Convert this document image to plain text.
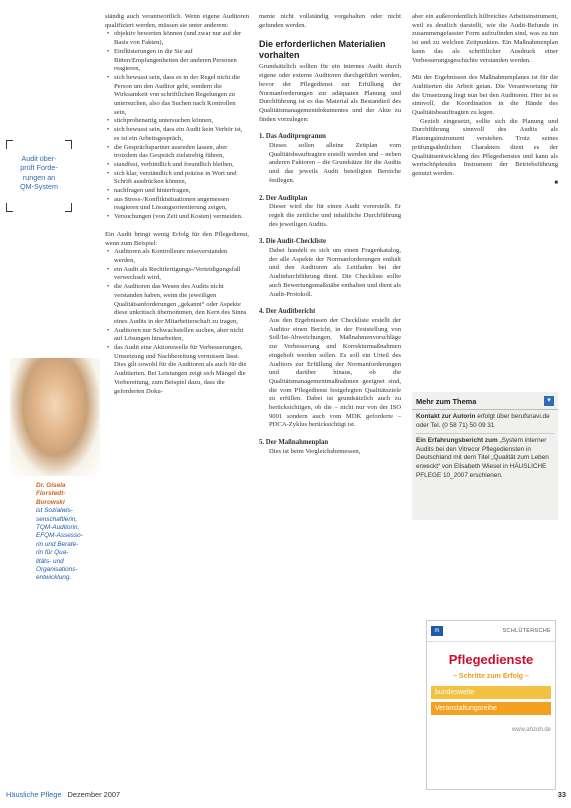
Audit über-
prüft Forde-
rungen an
QM-System
Dr. Gisela
Florstedt-
Borowski
ist Sozialwis-
senschaftlerin,
TQM-Auditorin,
EFQM-Assesso-
rin und Berate-
rin für Qua-
litäts- und
Organisations-
entwicklung.

ständig auch verantwortlich. Wenn eigene Auditoren qualifiziert werden, müssen sie unter anderem:

• objektiv bewerten können (und zwar nur auf der Basis von Fakten),
• Einflüsterungen in die Sie auf Bitten/Empfangenheiten der anderen Personen reagieren,
• sich bewusst sein, dass es in der Regel nicht die Person um den Auditor geht, sondern die Wirksamkeit von schriftlichen Regelungen zu untersuchen, also das Suchen nach Kontrollen sein,
• stichprobenartig untersuchen können,
• sich bewusst sein, dass ein Audit kein Verhör ist, es ist ein Arbeitsgespräch,
• die Gesprächspartner ausreden lassen, aber trotzdem das Gespräch zielstrebig führen,
• standfest, verbindlich und freundlich bleiben,
• sich klar, verständlich und präzise in Wort und Schrift ausdrücken können,
• nachfragen und hinterfragen,
• aus Stress-/Konfliktsituationen angemessen reagieren und Lösungsorientierung zeigen,
• Versuchungen (von Zeit und Kosten) vermeiden.

Ein Audit bringt wenig Erfolg für den Pflegedienst, wenn zum Beispiel:

• Auditoren als Kontrolleure missverstanden werden,
• ein Audit als Rechtfertigungs-/Verteidigungsfall verwechselt wird,
• die Auditoren das Wesen des Audits nicht verstanden haben, wenn die jeweiligen Qualitätsanforderungen „gekannt“ oder Aspekte diese unkritisch übernommen, den Kern des Sinns eines Audits in der Mitarbeiterschaft zu tragen,
• Auditoren nur Schwachstellen suchen, aber nicht auf Lösungen hinarbeiten,
• das Audit eine Aktionswelle für Verbesserungen, Umsetzung und Nachbereitung vermissen lässt. Dies gilt sowohl für die Auditoren als auch für die Auditierten. Bei Leistungen zeigt sich Mängel die Vorbereitung, zum Beispiel dazu, dass die geforderten Doku-

mente nicht vollständig vorgehalten oder nicht gefunden werden.

Die erforderlichen Materialien vorhalten

Grundsätzlich sollten für ein internes Audit durch eigene oder externe Auditoren durchgeführt werden, bevor der Pflegedienst zur Erfüllung der Normanforderungen zur adäquaten Planung und Durchführung ist es das Material als Bestandteil des Qualitätsmanagementdokumentes und der Akte zu finden vorzulegen:

1. Das Auditprogramm

Dieses sollen alleine Zeitplan vom Qualitätsbeauftragten erstellt werden und – neben anderen Faktoren – die Grundsätze für die Audits und das jeweils Audit beteiligten Bereiche festlegen.

2. Der Auditplan

Dieser wird die für einen Audit vorerstellt. Er regelt die zeitliche und inhaltliche Durchführung des jeweiligen Audits.

3. Die Audit-Checkliste

Dabei handelt es sich um einen Fragenkatalog, der alle Aspekte der Normanforderungen enthält und den Auditoren als Leitfaden bei der Auditdurchführung dient. Die Checkliste sollte auch Bewertungsmaßstäbe enthalten und dient als Audit-Protokoll.

4. Der Auditbericht

Aus den Ergebnissen der Checkliste erstellt der Auditor einen Bericht, in der Feststellung von Soll/Ist-Abweichungen, Maßnahmenvorschläge zur Verbesserung und Korrekturmaßnahmen eingeholt werden sollen. Es soll ein Urteil des Auditors zur Erfüllung der Normanforderungen und darüber hinaus, ob die Qualitätsmanagementmaßnahmen geeignet sind, die vom Pflegedienst festgelegten Qualitätsziele zu erfüllen. Dabei ist grundsätzlich auch zu berücksichtigen, ob die – nicht nur von der ISO 9001 sondern auch vom MDK geforderte – PDCA-Zyklus berücksichtigt ist.

5. Der Maßnahmenplan

Dies ist beim Vergleichsbemessen,

aber ein außerordentlich hilfreiches Arbeitsinstrument, weil es deutlich darstellt, wie die Audit-Befunde in zusammengefasster Form aufzufinden sind, was zu tun ist und zu welchen Zeitpunkten. Ein Maßnahmenplan kann das als schriftlicher Ausdruck einer Verbesserungsgeschichte verstanden werden.

Mit der Ergebnissen des Maßnahmenplanes ist für die Auditierten die Arbeit getan. Die Verantwortung für die Umsetzung liegt nun bei den Auditoren. Hier ist es sinnvoll, die Koordination in die Hände des Qualitätsbeauftragten zu legen.

Gezielt eingesetzt, sollte sich die Planung und Durchführung sinnvoll des Audits als Planungsinstrument verstehen. Trotz seines prüfungsähnlichen Charakters dient es der Qualitätsentwicklung des Pflegedienstes und kann als wertschöpfendes Instrument der Betriebsführung genutzt werden.

■
Mehr zum Thema	▾
Kontakt zur Autorin erfolgt über berufsnavi.de oder Tel. (0 58 71) 50 09 31
Ein Erfahrungsbericht zum „System interner Audits bei den Vitrecor Pflegediensten in Deutschland mit dem Titel „Qualität zum Leben erweckt“ von Elisabeth Wiesel in HÄUSLICHE PFLEGE 10_2007 erschienen.
m	SCHLÜTERSCHE
Pflegedienste
– Schritte zum Erfolg –
bundesweite
Veranstaltungsreihe
www.ahzoh.de
Häusliche Pflege Dezember 2007	33
